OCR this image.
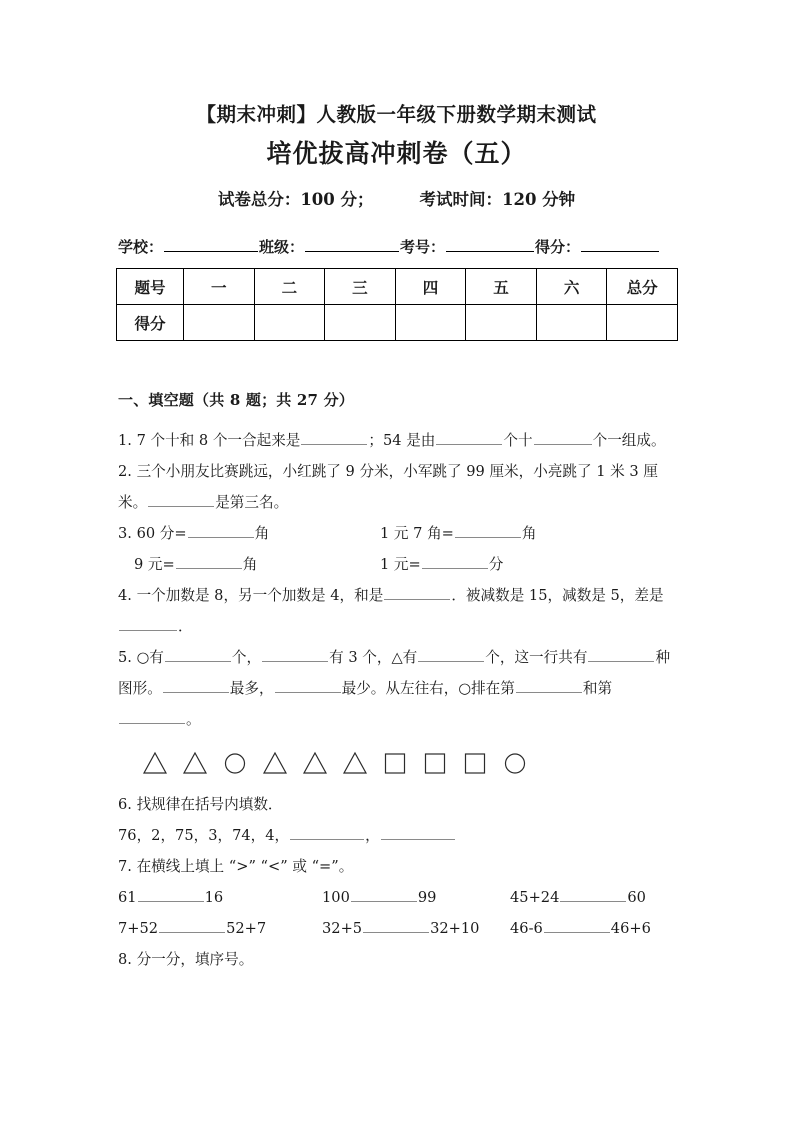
【期末冲刺】人教版一年级下册数学期末测试
培优拔高冲刺卷（五）
试卷总分：100 分；	考试时间：120 分钟
学校：	班级：	考号：	得分：
题号	一	二	三	四	五	六	总分
得分							
一、填空题（共 8 题；共 27 分）
1. 7 个十和 8 个一合起来是	；54 是由	个十	个一组成。
2. 三个小朋友比赛跳远，小红跳了 9 分米，小军跳了 99 厘米，小亮跳了 1 米 3 厘米。	是第三名。
3. 60 分=	角	1 元 7 角=	角
9 元=	角	1 元=	分
4. 一个加数是 8，另一个加数是 4，和是	．被减数是 15，减数是 5，差是．
5. ○有	个，	有 3 个，△有	个，这一行共有	种图形。	最多，	最少。从左往右，○排在第	和第。
6. 找规律在括号内填数．
76，2，75，3，74，4，	，
7. 在横线上填上 “>” “<” 或 “=”。
61	16	100	99	45+24	60
7+52	52+7	32+5	32+10 46-6	46+6
8. 分一分，填序号。
